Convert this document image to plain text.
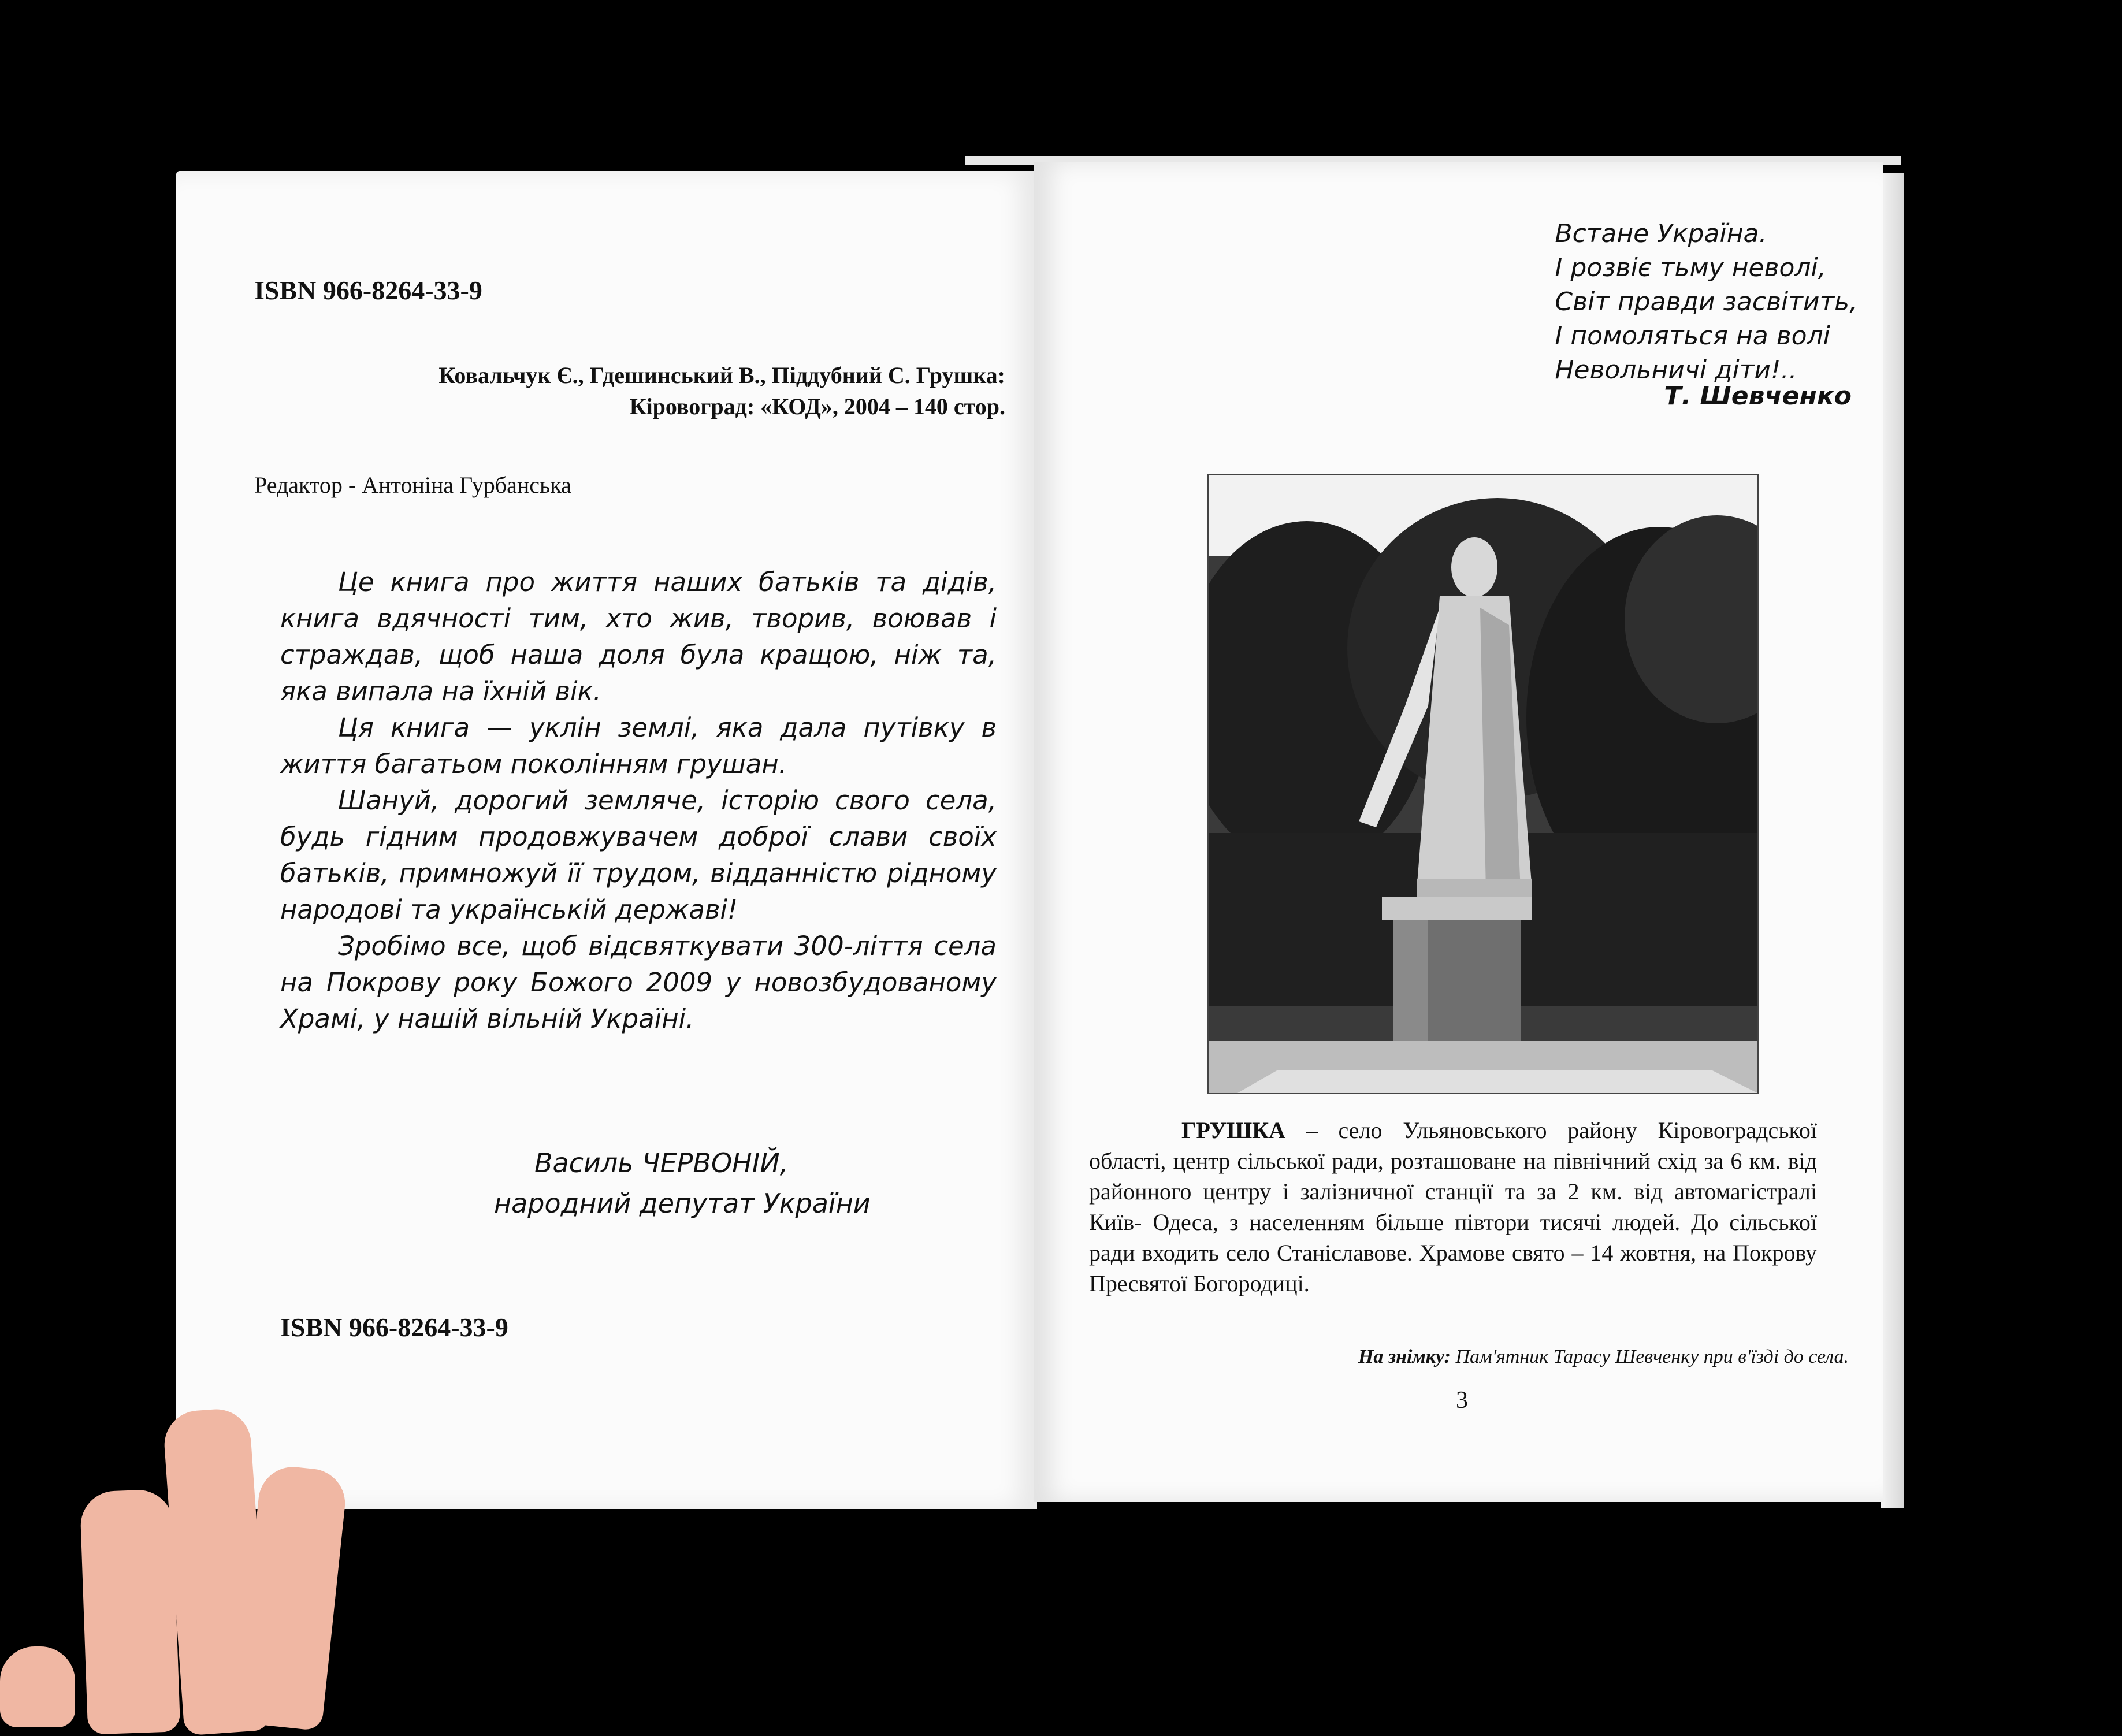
ISBN 966-8264-33-9
Ковальчук Є., Гдешинський В., Піддубний С. Грушка:
Кіровоград: «КОД», 2004 – 140 стор.
Редактор - Антоніна Гурбанська

Це книга про життя наших батьків та дідів, книга вдячності тим, хто жив, творив, воював і страждав, щоб наша доля була кращою, ніж та, яка випала на їхній вік.

Ця книга — уклін землі, яка дала путівку в життя багатьом поколінням грушан.

Шануй, дорогий земляче, історію свого села, будь гідним продовжувачем доброї слави своїх батьків, примножуй її трудом, відданністю рідному народові та українській державі!

Зробімо все, щоб відсвяткувати 300-ліття села на Покрову року Божого 2009 у новозбудованому Храмі, у нашій вільній Україні.

Василь ЧЕРВОНІЙ,
народний депутат України
ISBN 966-8264-33-9
Встане Україна.
І розвіє тьму неволі,
Світ правди засвітить,
І помоляться на волі
Невольничі діти!..
Т. Шевченко

ГРУШКА – село Ульяновського району Кіровоградської області, центр сільської ради, розташоване на північний схід за 6 км. від районного центру і залізничної станції та за 2 км. від автомагістралі Київ- Одеса, з населенням більше півтори тисячі людей. До сільської ради входить село Станіславове. Храмове свято – 14 жовтня, на Покрову Пресвятої Богородиці.

На знімку: Пам'ятник Тарасу Шевченку при в'їзді до села.
3
